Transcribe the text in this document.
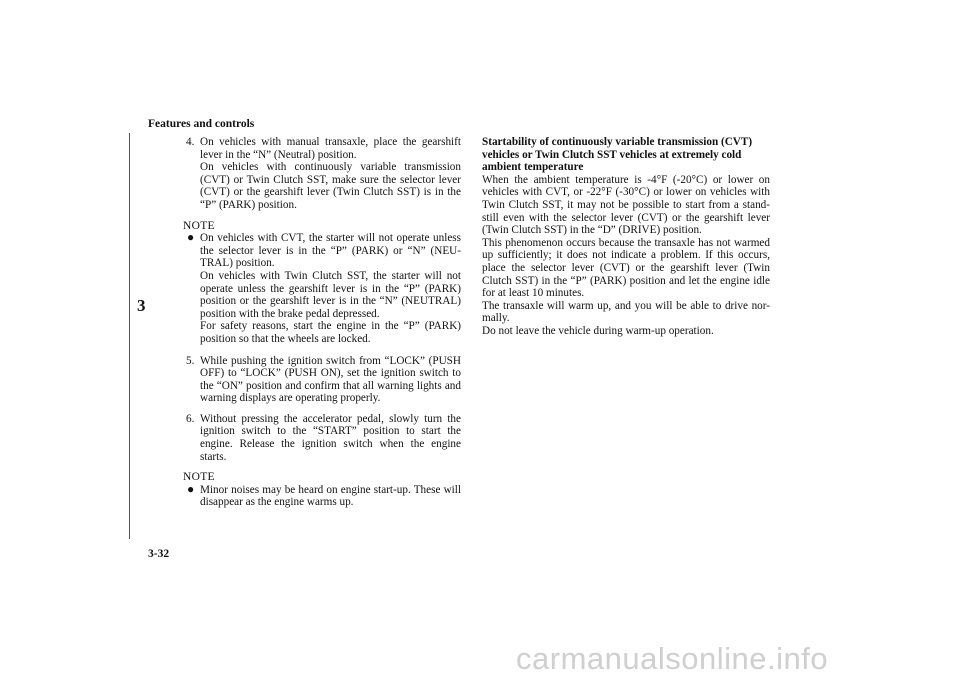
Features and controls
3
4. On vehicles with manual transaxle, place the gearshift lever in the “N” (Neutral) position.

On vehicles with continuously variable transmission (CVT) or Twin Clutch SST, make sure the selector lever (CVT) or the gearshift lever (Twin Clutch SST) is in the “P” (PARK) position.

NOTE
● On vehicles with CVT, the starter will not operate unless the selector lever is in the “P” (PARK) or “N” (NEU-TRAL) position.

On vehicles with Twin Clutch SST, the starter will not operate unless the gearshift lever is in the “P” (PARK) position or the gearshift lever is in the “N” (NEUTRAL) position with the brake pedal depressed.

For safety reasons, start the engine in the “P” (PARK) position so that the wheels are locked.

5. While pushing the ignition switch from “LOCK” (PUSH OFF) to “LOCK” (PUSH ON), set the ignition switch to the “ON” position and confirm that all warning lights and warning displays are operating properly.

6. Without pressing the accelerator pedal, slowly turn the ignition switch to the “START” position to start the engine. Release the ignition switch when the engine starts.

NOTE
● Minor noises may be heard on engine start-up. These will disappear as the engine warms up.

Startability of continuously variable transmission (CVT) vehicles or Twin Clutch SST vehicles at extremely cold ambient temperature

When the ambient temperature is -4°F (-20°C) or lower on vehicles with CVT, or -22°F (-30°C) or lower on vehicles with Twin Clutch SST, it may not be possible to start from a stand-still even with the selector lever (CVT) or the gearshift lever (Twin Clutch SST) in the “D” (DRIVE) position.

This phenomenon occurs because the transaxle has not warmed up sufficiently; it does not indicate a problem. If this occurs, place the selector lever (CVT) or the gearshift lever (Twin Clutch SST) in the “P” (PARK) position and let the engine idle for at least 10 minutes.

The transaxle will warm up, and you will be able to drive nor-mally.

Do not leave the vehicle during warm-up operation.

3-32
carmanualsonline.info
